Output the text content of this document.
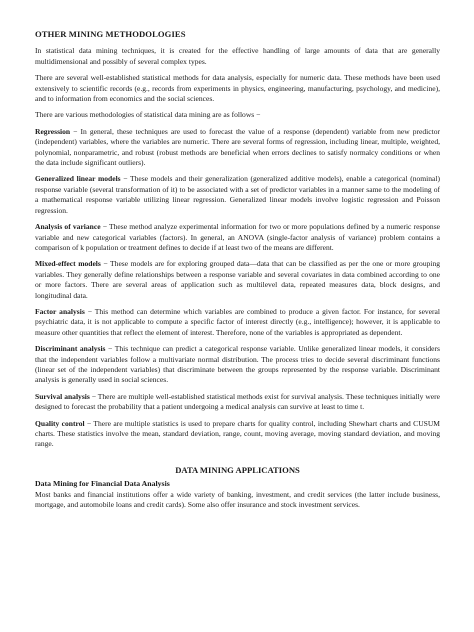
OTHER MINING METHODOLOGIES

In statistical data mining techniques, it is created for the effective handling of large amounts of data that are generally multidimensional and possibly of several complex types.

There are several well-established statistical methods for data analysis, especially for numeric data. These methods have been used extensively to scientific records (e.g., records from experiments in physics, engineering, manufacturing, psychology, and medicine), and to information from economics and the social sciences.

There are various methodologies of statistical data mining are as follows −

Regression − In general, these techniques are used to forecast the value of a response (dependent) variable from new predictor (independent) variables, where the variables are numeric. There are several forms of regression, including linear, multiple, weighted, polynomial, nonparametric, and robust (robust methods are beneficial when errors declines to satisfy normalcy conditions or when the data include significant outliers).

Generalized linear models − These models and their generalization (generalized additive models), enable a categorical (nominal) response variable (several transformation of it) to be associated with a set of predictor variables in a manner same to the modeling of a mathematical response variable utilizing linear regression. Generalized linear models involve logistic regression and Poisson regression.

Analysis of variance − These method analyze experimental information for two or more populations defined by a numeric response variable and new categorical variables (factors). In general, an ANOVA (single-factor analysis of variance) problem contains a comparison of k population or treatment defines to decide if at least two of the means are different.

Mixed-effect models − These models are for exploring grouped data—data that can be classified as per the one or more grouping variables. They generally define relationships between a response variable and several covariates in data combined according to one or more factors. There are several areas of application such as multilevel data, repeated measures data, block designs, and longitudinal data.

Factor analysis − This method can determine which variables are combined to produce a given factor. For instance, for several psychiatric data, it is not applicable to compute a specific factor of interest directly (e.g., intelligence); however, it is applicable to measure other quantities that reflect the element of interest. Therefore, none of the variables is appropriated as dependent.

Discriminant analysis − This technique can predict a categorical response variable. Unlike generalized linear models, it considers that the independent variables follow a multivariate normal distribution. The process tries to decide several discriminant functions (linear set of the independent variables) that discriminate between the groups represented by the response variable. Discriminant analysis is generally used in social sciences.

Survival analysis − There are multiple well-established statistical methods exist for survival analysis. These techniques initially were designed to forecast the probability that a patient undergoing a medical analysis can survive at least to time t.

Quality control − There are multiple statistics is used to prepare charts for quality control, including Shewhart charts and CUSUM charts. These statistics involve the mean, standard deviation, range, count, moving average, moving standard deviation, and moving range.

DATA MINING APPLICATIONS
Data Mining for Financial Data Analysis

Most banks and financial institutions offer a wide variety of banking, investment, and credit services (the latter include business, mortgage, and automobile loans and credit cards). Some also offer insurance and stock investment services.
